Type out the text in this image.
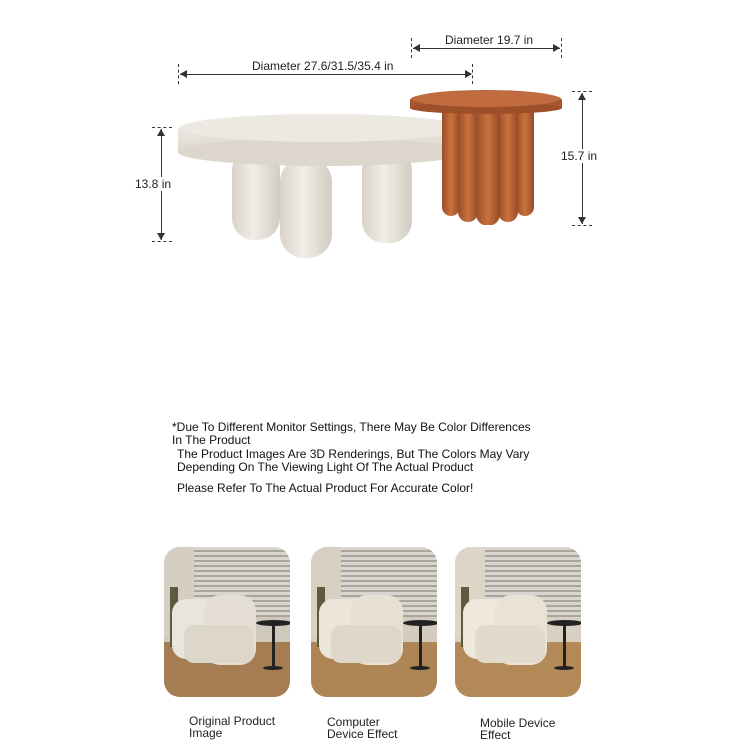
Diameter 27.6/31.5/35.4 in
Diameter 19.7 in
13.8 in
15.7 in
*Due To Different Monitor Settings, There May Be Color Differences
In The Product
The Product Images Are 3D Renderings, But The Colors May Vary
Depending On The Viewing Light Of The Actual Product
Please Refer To The Actual Product For Accurate Color!
Original Product
Image
Computer
Device Effect
Mobile Device
Effect
